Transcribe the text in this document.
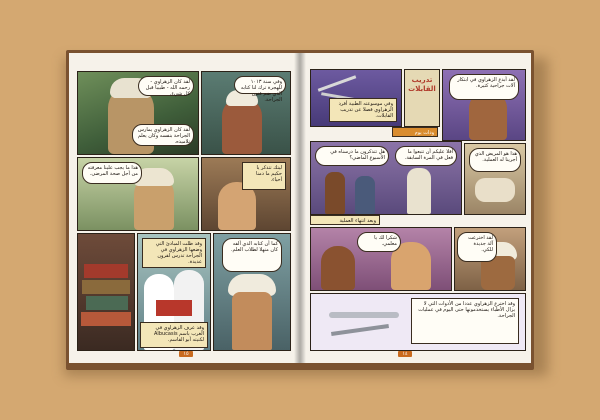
لقد كان الزهراوي - رحمه الله - طبيبا قبل كل شيء.
لقد كان الزهراوي يمارس الجراحة بنفسه وكان يعلم تلاميذه.
وفي سنة ١٠١٣ للهجرة ترك لنا كتابه الذي ضم فنون الجراحة.
هذا ما يجب علينا معرفته من أجل صحة المرضى.
ليتك تتذكر يا حكيم ما دمنا أحياء.
وقد ظلت المبادئ التي وضعها الزهراوي في الجراحة تدرس لقرون عديدة.
وقد عرف الزهراوي في الغرب باسم Albucasis لكنيته أبو القاسم.
كما أن كتابه الذي ألفه كان منهلا لطلاب العلم.
١٥
وفي موسوعته الطبية أفرد الزهراوي فصلا عن تدريب القابلات.
تدريب القابلات
لقد أبدع الزهراوي في ابتكار آلات جراحية كثيرة.
ودات يوم
هل تتذكرون ما درسناه في الأسبوع الماضي؟
أفلا عليكم أن تتبعوا ما فعل في المرة السابقة.
هذا هو المريض الذي أجرينا له العملية.
وبعد انتهاء العملية
شكرا لك يا معلمي.
لقد اخترعت آلة جديدة للكي.
وقد اخترع الزهراوي عددا من الأدوات التي لا يزال الأطباء يستخدمونها حتى اليوم في عمليات الجراحة.
١٤
